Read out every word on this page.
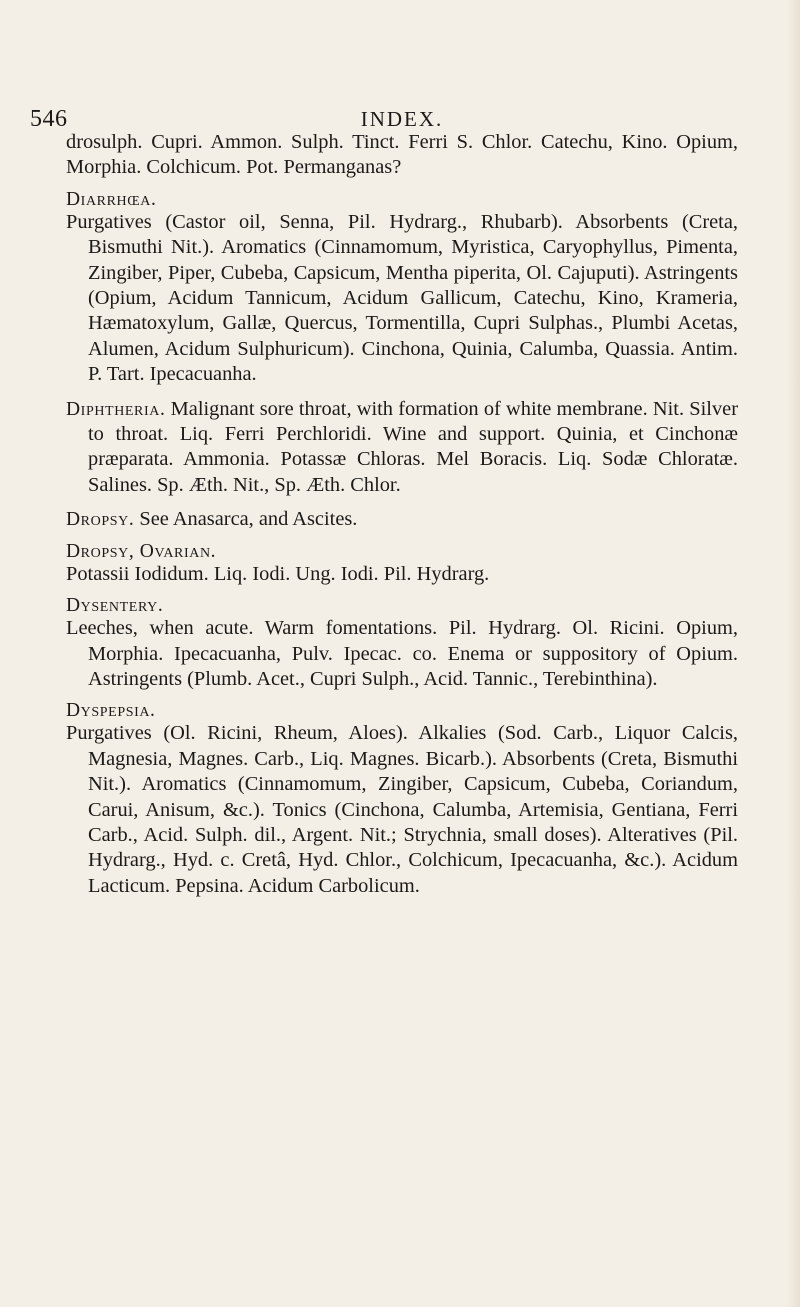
546	INDEX.
drosulph. Cupri. Ammon. Sulph. Tinct. Ferri S. Chlor. Catechu, Kino. Opium, Morphia. Colchicum. Pot. Permanganas?
Diarrhœa.
Purgatives (Castor oil, Senna, Pil. Hydrarg., Rhubarb). Absorbents (Creta, Bismuthi Nit.). Aromatics (Cinnamomum, Myristica, Caryophyllus, Pimenta, Zingiber, Piper, Cubeba, Capsicum, Mentha piperita, Ol. Cajuputi). Astringents (Opium, Acidum Tannicum, Acidum Gallicum, Catechu, Kino, Krameria, Hæmatoxylum, Gallæ, Quercus, Tormentilla, Cupri Sulphas., Plumbi Acetas, Alumen, Acidum Sulphuricum). Cinchona, Quinia, Calumba, Quassia. Antim. P. Tart. Ipecacuanha.
Diphtheria. Malignant sore throat, with formation of white membrane. Nit. Silver to throat. Liq. Ferri Perchloridi. Wine and support. Quinia, et Cinchonæ præparata. Ammonia. Potassæ Chloras. Mel Boracis. Liq. Sodæ Chloratæ. Salines. Sp. Æth. Nit., Sp. Æth. Chlor.
Dropsy. See Anasarca, and Ascites.
Dropsy, Ovarian.
Potassii Iodidum. Liq. Iodi. Ung. Iodi. Pil. Hydrarg.
Dysentery.
Leeches, when acute. Warm fomentations. Pil. Hydrarg. Ol. Ricini. Opium, Morphia. Ipecacuanha, Pulv. Ipecac. co. Enema or suppository of Opium. Astringents (Plumb. Acet., Cupri Sulph., Acid. Tannic., Terebinthina).
Dyspepsia.
Purgatives (Ol. Ricini, Rheum, Aloes). Alkalies (Sod. Carb., Liquor Calcis, Magnesia, Magnes. Carb., Liq. Magnes. Bicarb.). Absorbents (Creta, Bismuthi Nit.). Aromatics (Cinnamomum, Zingiber, Capsicum, Cubeba, Coriandum, Carui, Anisum, &c.). Tonics (Cinchona, Calumba, Artemisia, Gentiana, Ferri Carb., Acid. Sulph. dil., Argent. Nit.; Strychnia, small doses). Alteratives (Pil. Hydrarg., Hyd. c. Cretâ, Hyd. Chlor., Colchicum, Ipecacuanha, &c.). Acidum Lacticum. Pepsina. Acidum Carbolicum.
